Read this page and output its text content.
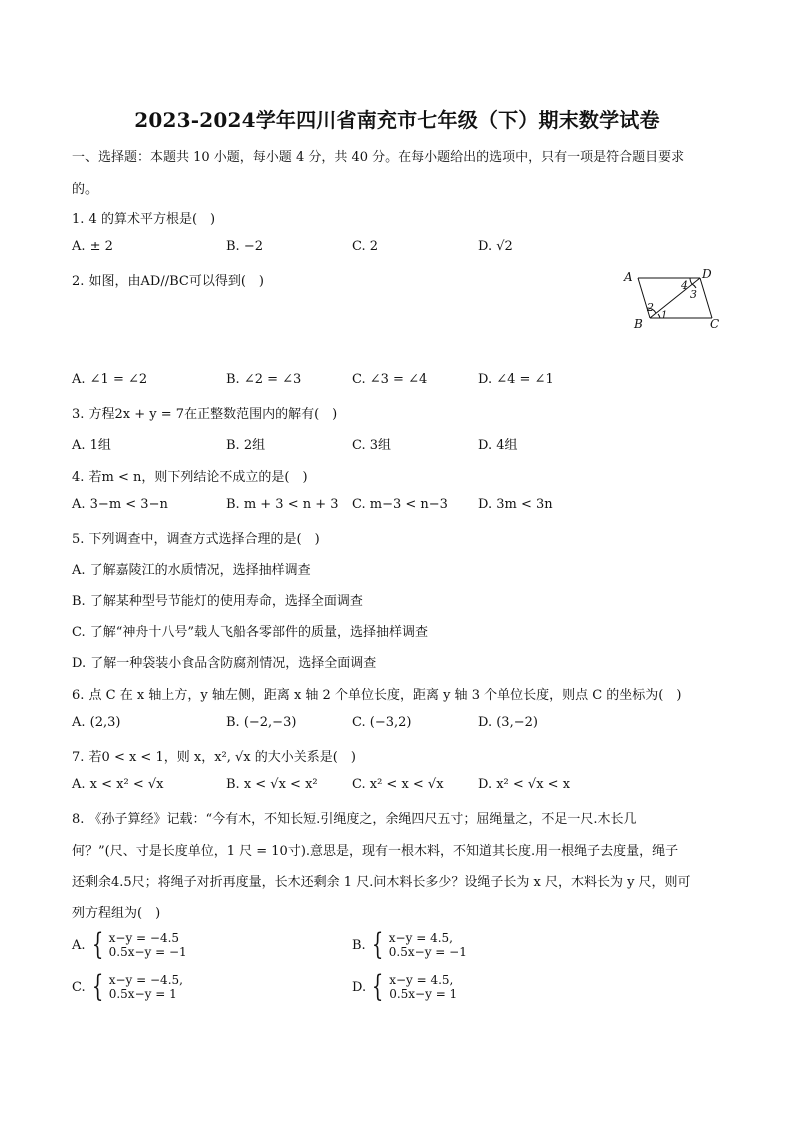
2023-2024学年四川省南充市七年级（下）期末数学试卷
一、选择题：本题共 10 小题，每小题 4 分，共 40 分。在每小题给出的选项中，只有一项是符合题目要求
的。
1. 4 的算术平方根是(　)
A. ± 2	B. −2	C. 2	D. √2
2. 如图，由AD//BC可以得到(　)	A	D
B	C
1
2
3
4
A. ∠1 = ∠2	B. ∠2 = ∠3	C. ∠3 = ∠4	D. ∠4 = ∠1
3. 方程2x + y = 7在正整数范围内的解有(　)
A. 1组	B. 2组	C. 3组	D. 4组
4. 若m < n，则下列结论不成立的是(　)
A. 3−m < 3−n	B. m + 3 < n + 3 C. m−3 < n−3 D. 3m < 3n
5. 下列调查中，调查方式选择合理的是(　)
A. 了解嘉陵江的水质情况，选择抽样调查
B. 了解某种型号节能灯的使用寿命，选择全面调查
C. 了解“神舟十八号”载人飞船各零部件的质量，选择抽样调查
D. 了解一种袋装小食品含防腐剂情况，选择全面调查
6. 点 C 在 x 轴上方，y 轴左侧，距离 x 轴 2 个单位长度，距离 y 轴 3 个单位长度，则点 C 的坐标为(　)
A. (2,3)	B. (−2,−3)	C. (−3,2)	D. (3,−2)
7. 若0 < x < 1，则 x，x², √x 的大小关系是(　)
A. x < x² < √x	B. x < √x < x²	C. x² < x < √x	D. x² < √x < x
8. 《孙子算经》记载：“今有木，不知长短.引绳度之，余绳四尺五寸；屈绳量之，不足一尺.木长几
何？”(尺、寸是长度单位，1 尺 = 10寸).意思是，现有一根木料，不知道其长度.用一根绳子去度量，绳子
还剩余4.5尺；将绳子对折再度量，长木还剩余 1 尺.问木料长多少？设绳子长为 x 尺，木料长为 y 尺，则可
列方程组为(　)
A. { x−y = −4.5
0.5x−y = −1	B. { x−y = 4.5,
0.5x−y = −1
C. { x−y = −4.5,
0.5x−y = 1	D. { x−y = 4.5,
0.5x−y = 1
